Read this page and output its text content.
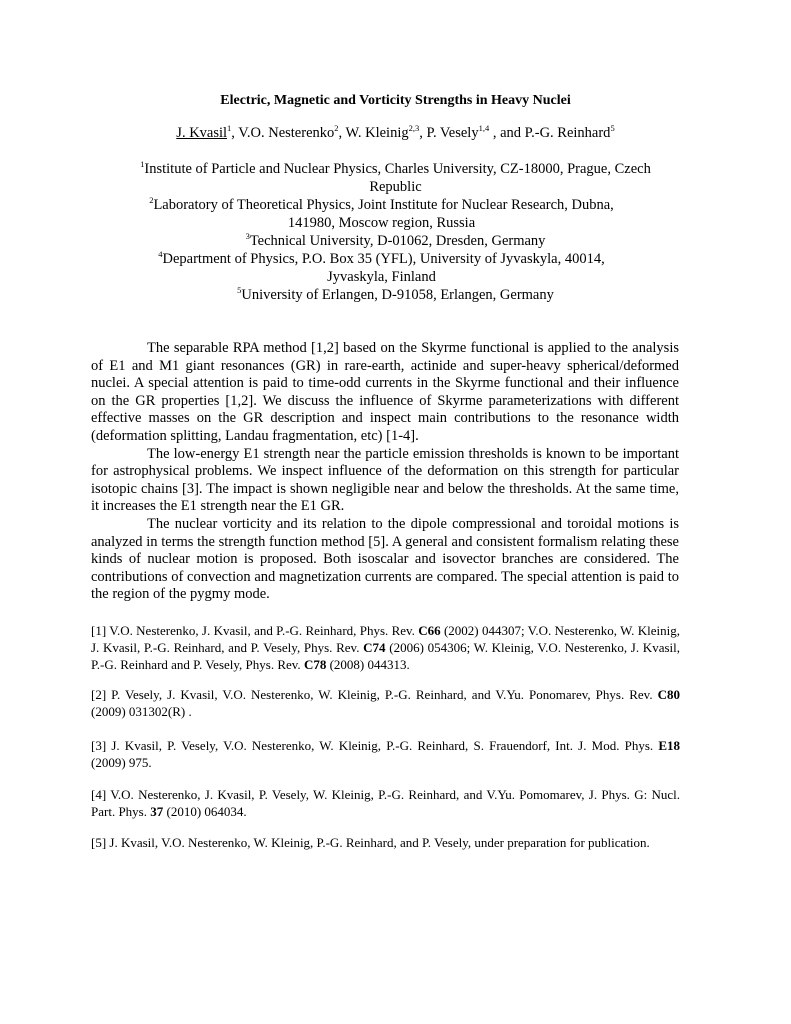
Electric, Magnetic and Vorticity Strengths in Heavy Nuclei
J. Kvasil$^1$, V.O. Nesterenko$^2$, W. Kleinig$^{2,3}$, P. Vesely$^{1,4}$ , and P.-G. Reinhard$^5$
$^1$Institute of Particle and Nuclear Physics, Charles University, CZ-18000, Prague, Czech
Republic
$^2$Laboratory of Theoretical Physics, Joint Institute for Nuclear Research, Dubna,
141980, Moscow region, Russia
$^3$Technical University, D-01062, Dresden, Germany
$^4$Department of Physics, P.O. Box 35 (YFL), University of Jyvaskyla, 40014,
Jyvaskyla, Finland
$^5$University of Erlangen, D-91058, Erlangen, Germany

The separable RPA method [1,2] based on the Skyrme functional is applied to the analysis of E1 and M1 giant resonances (GR) in rare-earth, actinide and super-heavy spherical/deformed nuclei. A special attention is paid to time-odd currents in the Skyrme functional and their influence on the GR properties [1,2]. We discuss the influence of Skyrme parameterizations with different effective masses on the GR description and inspect main contributions to the resonance width (deformation splitting, Landau fragmentation, etc) [1-4].

The low-energy E1 strength near the particle emission thresholds is known to be important for astrophysical problems. We inspect influence of the deformation on this strength for particular isotopic chains [3]. The impact is shown negligible near and below the thresholds. At the same time, it increases the E1 strength near the E1 GR.

The nuclear vorticity and its relation to the dipole compressional and toroidal motions is analyzed in terms the strength function method [5]. A general and consistent formalism relating these kinds of nuclear motion is proposed. Both isoscalar and isovector branches are considered. The contributions of convection and magnetization currents are compared. The special attention is paid to the region of the pygmy mode.

[1] V.O. Nesterenko, J. Kvasil, and P.-G. Reinhard, Phys. Rev. C66 (2002) 044307; V.O. Nesterenko, W. Kleinig, J. Kvasil, P.-G. Reinhard, and P. Vesely, Phys. Rev. C74 (2006) 054306; W. Kleinig, V.O. Nesterenko, J. Kvasil, P.-G. Reinhard and P. Vesely, Phys. Rev. C78 (2008) 044313.

[2] P. Vesely, J. Kvasil, V.O. Nesterenko, W. Kleinig, P.-G. Reinhard, and V.Yu. Ponomarev, Phys. Rev. C80 (2009) 031302(R) .

[3] J. Kvasil, P. Vesely, V.O. Nesterenko, W. Kleinig, P.-G. Reinhard, S. Frauendorf, Int. J. Mod. Phys. E18 (2009) 975.

[4] V.O. Nesterenko, J. Kvasil, P. Vesely, W. Kleinig, P.-G. Reinhard, and V.Yu. Pomomarev, J. Phys. G: Nucl. Part. Phys. 37 (2010) 064034.

[5] J. Kvasil, V.O. Nesterenko, W. Kleinig, P.-G. Reinhard, and P. Vesely, under preparation for publication.
